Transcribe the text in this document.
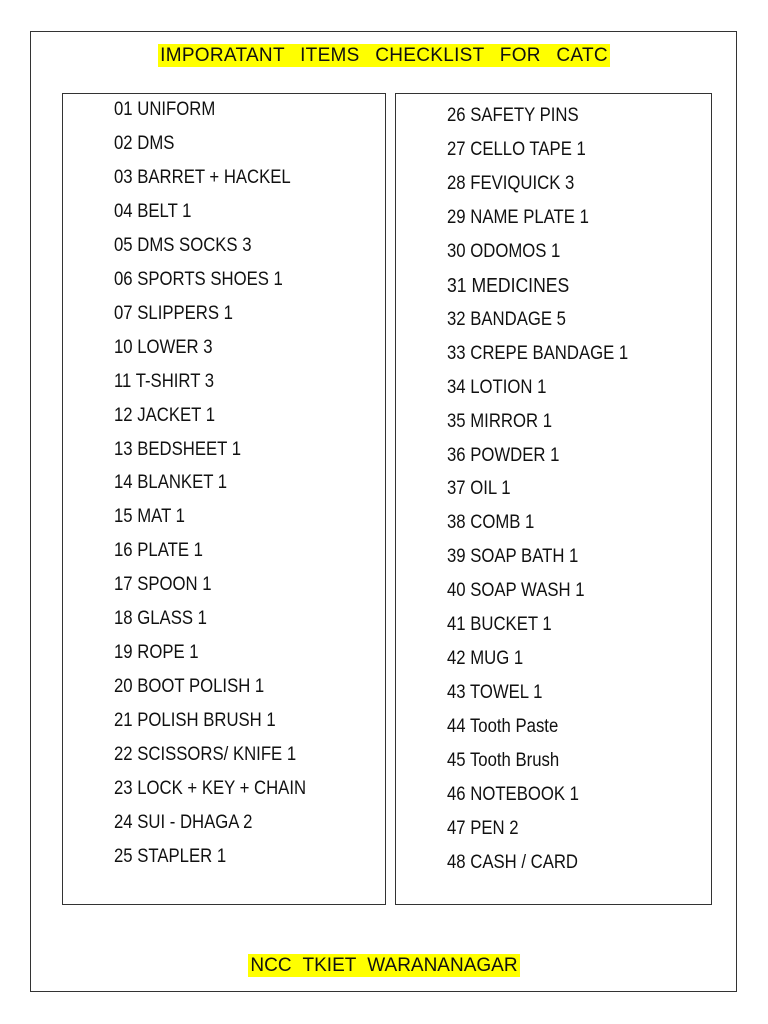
IMPORATANT ITEMS CHECKLIST FOR CATC
01 UNIFORM
02 DMS
03 BARRET + HACKEL
04 BELT 1
05 DMS SOCKS 3
06 SPORTS SHOES 1
07 SLIPPERS 1
10 LOWER 3
11 T-SHIRT 3
12 JACKET 1
13 BEDSHEET 1
14 BLANKET 1
15 MAT 1
16 PLATE 1
17 SPOON 1
18 GLASS 1
19 ROPE 1
20 BOOT POLISH 1
21 POLISH BRUSH 1
22 SCISSORS/ KNIFE 1
23 LOCK + KEY + CHAIN
24 SUI - DHAGA 2
25 STAPLER 1
26 SAFETY PINS
27 CELLO TAPE 1
28 FEVIQUICK 3
29 NAME PLATE 1
30 ODOMOS 1
31 MEDICINES
32 BANDAGE 5
33 CREPE BANDAGE 1
34 LOTION 1
35 MIRROR 1
36 POWDER 1
37 OIL 1
38 COMB 1
39 SOAP BATH 1
40 SOAP WASH 1
41 BUCKET 1
42 MUG 1
43 TOWEL 1
44 Tooth Paste
45 Tooth Brush
46 NOTEBOOK 1
47 PEN 2
48 CASH / CARD
NCC TKIET WARANANAGAR
